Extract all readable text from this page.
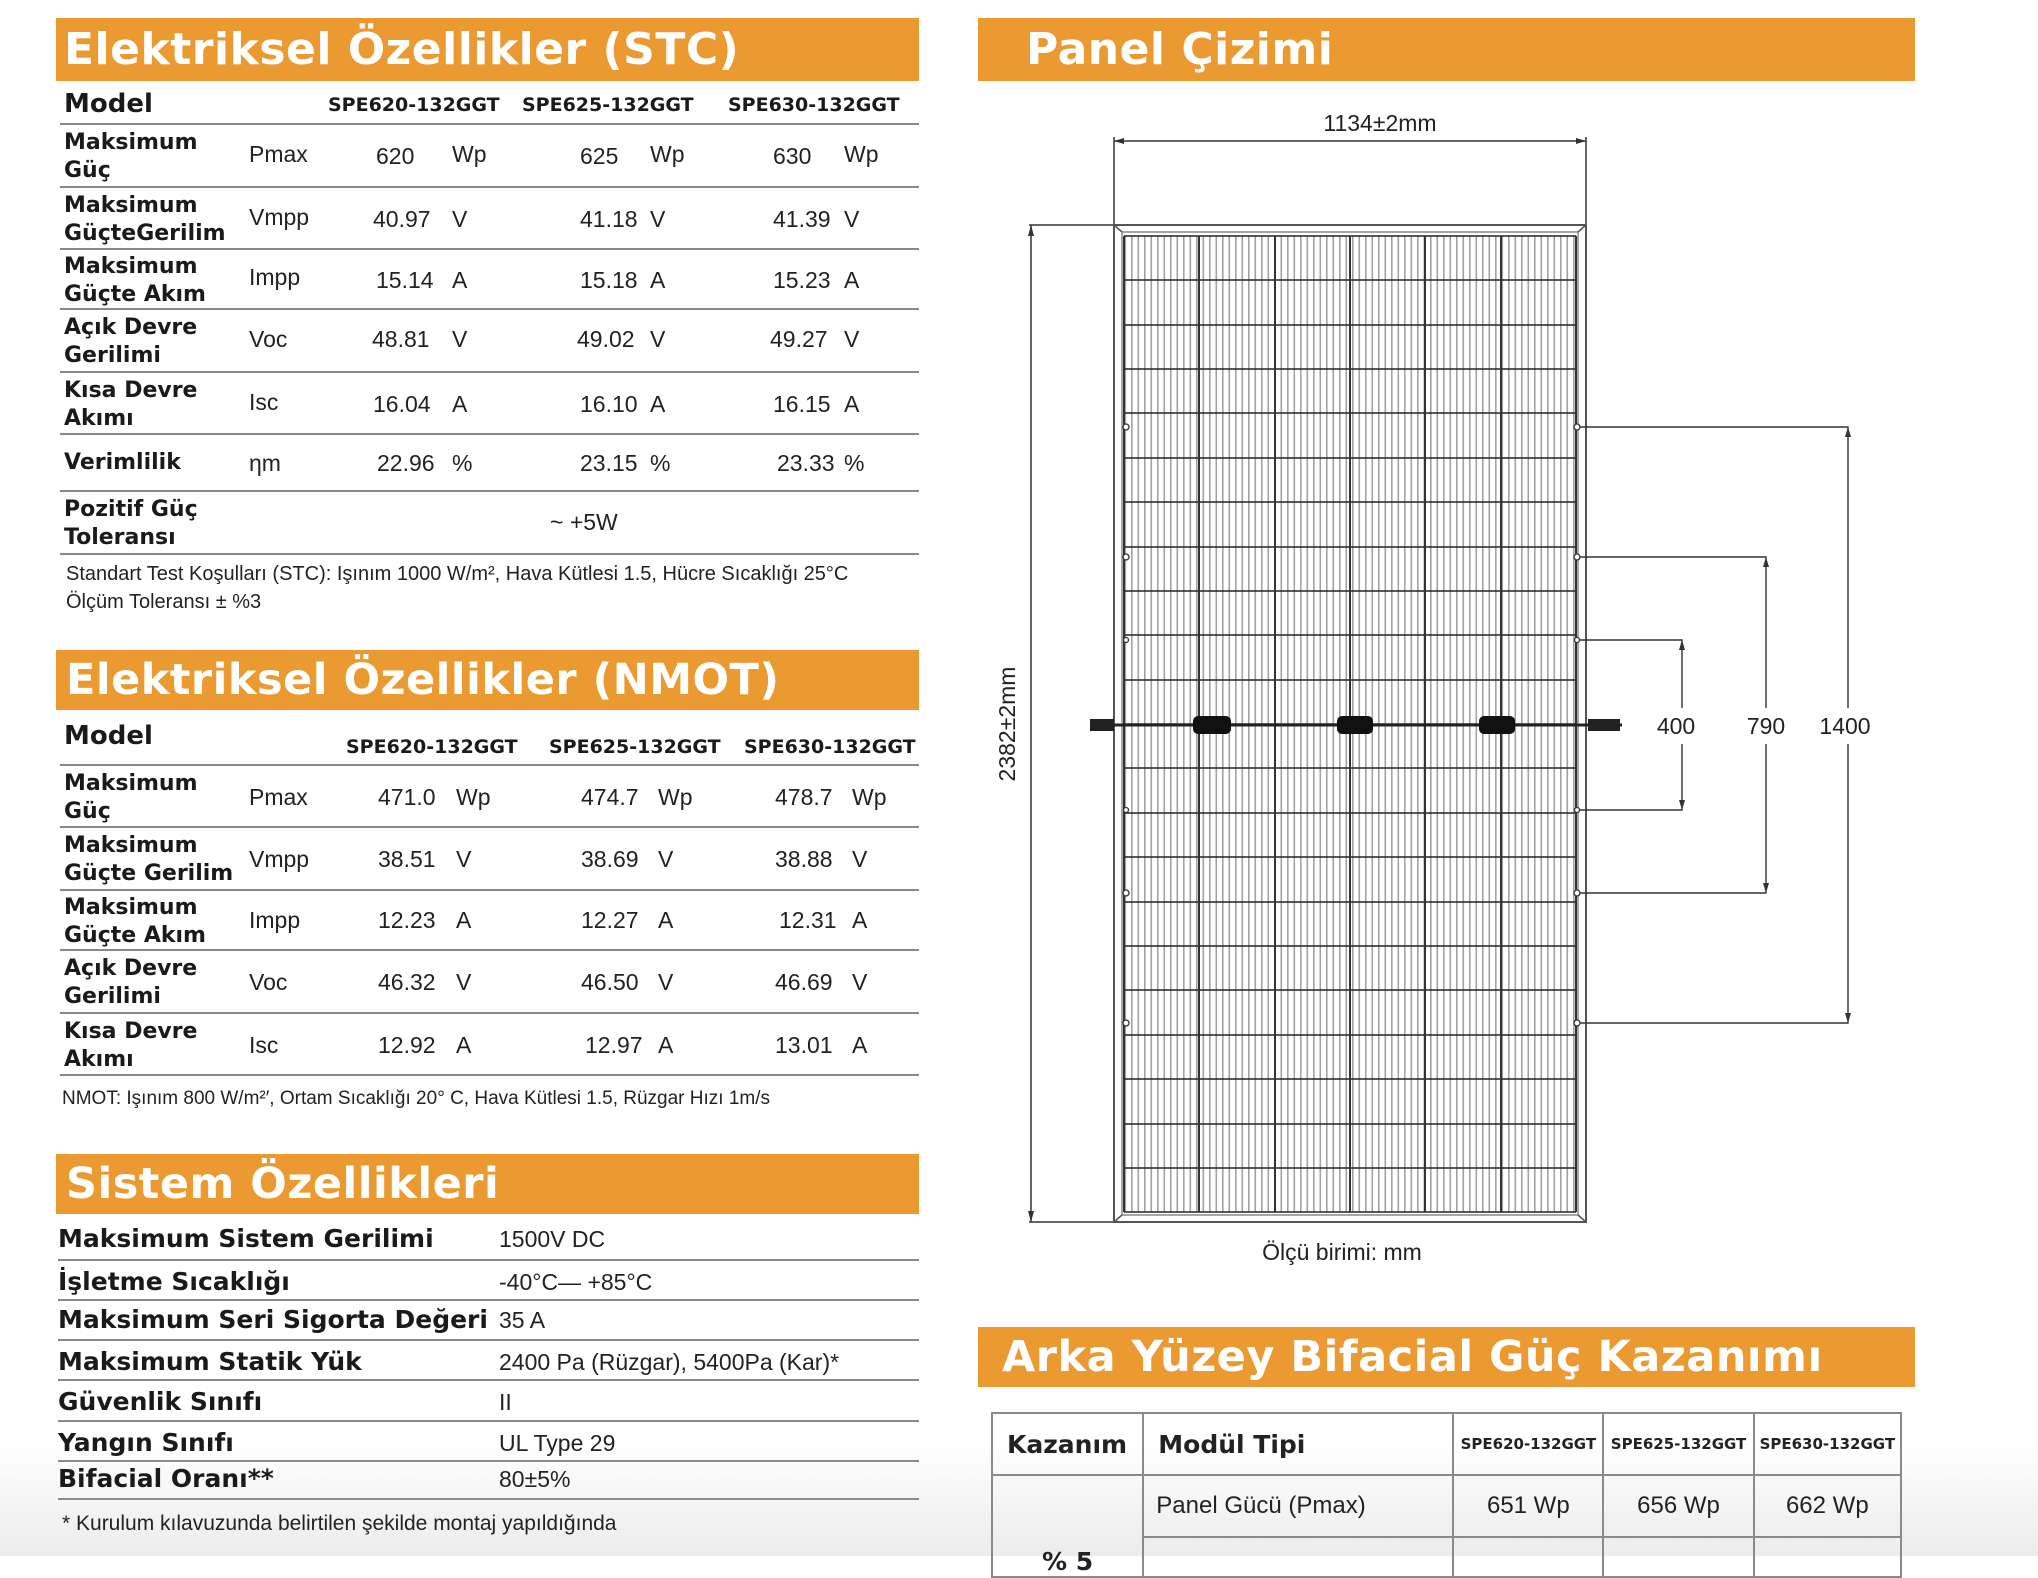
Elektriksel Özellikler (STC)
Model	SPE620-132GGT SPE625-132GGT SPE630-132GGT
Maksimum
Güç
Pmax	620 Wp	625 Wp	630 Wp
Maksimum
GüçteGerilim
Vmpp	40.97 V	41.18 V	41.39 V
Maksimum
Güçte Akım
Impp	15.14 A	15.18 A	15.23 A
Açık Devre
Gerilimi
Voc	48.81 V	49.02 V	49.27 V
Kısa Devre
Akımı
Isc	16.04 A	16.10 A	16.15 A
Verimlilik	ηm	22.96 %	23.15 %	23.33 %
Pozitif Güç
Toleransı
~ +5W
Standart Test Koşulları (STC): Işınım 1000 W/m², Hava Kütlesi 1.5, Hücre Sıcaklığı 25°C
Ölçüm Toleransı ± %3
Elektriksel Özellikler (NMOT)
Model	SPE620-132GGT SPE625-132GGT SPE630-132GGT
Maksimum
Güç
Pmax	471.0 Wp	474.7 Wp	478.7 Wp
Maksimum
Güçte Gerilim
Vmpp	38.51 V	38.69 V	38.88 V
Maksimum
Güçte Akım
Impp	12.23 A	12.27 A	12.31 A
Açık Devre
Gerilimi
Voc	46.32 V	46.50 V	46.69 V
Kısa Devre
Akımı
Isc	12.92 A	12.97 A	13.01 A
NMOT: Işınım 800 W/m²′, Ortam Sıcaklığı 20° C, Hava Kütlesi 1.5, Rüzgar Hızı 1m/s
Sistem Özellikleri
Maksimum Sistem Gerilimi	1500V DC
İşletme Sıcaklığı	-40°C— +85°C
Maksimum Seri Sigorta Değeri 35 A
Maksimum Statik Yük	2400 Pa (Rüzgar), 5400Pa (Kar)*
Güvenlik Sınıfı	II
Yangın Sınıfı	UL Type 29
Bifacial Oranı**	80±5%
* Kurulum kılavuzunda belirtilen şekilde montaj yapıldığında
Panel Çizimi
400 790 1400
1134±2mm
2382±2mm
Ölçü birimi: mm
Arka Yüzey Bifacial Güç Kazanımı
Kazanım	Modül Tipi	SPE620-132GGT	SPE625-132GGT	SPE630-132GGT
% 5	Panel Gücü (Pmax)	651 Wp	656 Wp	662 Wp
